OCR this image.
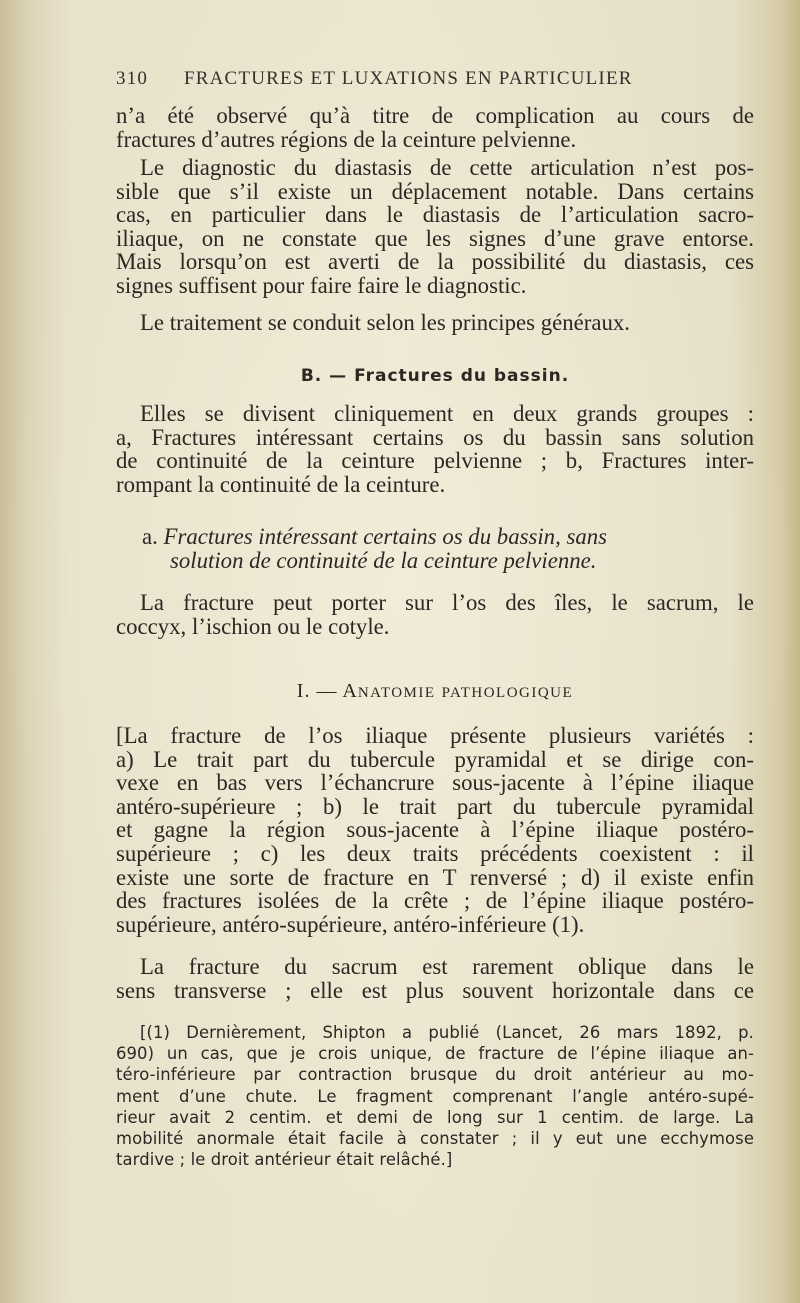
310 FRACTURES ET LUXATIONS EN PARTICULIER
n’a été observé qu’à titre de complication au cours de
fractures d’autres régions de la ceinture pelvienne.
Le diagnostic du diastasis de cette articulation n’est pos-
sible que s’il existe un déplacement notable. Dans certains
cas, en particulier dans le diastasis de l’articulation sacro-
iliaque, on ne constate que les signes d’une grave entorse.
Mais lorsqu’on est averti de la possibilité du diastasis, ces
signes suffisent pour faire faire le diagnostic.
Le traitement se conduit selon les principes généraux.
B. — Fractures du bassin.
Elles se divisent cliniquement en deux grands groupes :
a, Fractures intéressant certains os du bassin sans solution
de continuité de la ceinture pelvienne ; b, Fractures inter-
rompant la continuité de la ceinture.
a. Fractures intéressant certains os du bassin, sans
solution de continuité de la ceinture pelvienne.
La fracture peut porter sur l’os des îles, le sacrum, le
coccyx, l’ischion ou le cotyle.
I. — ANATOMIE PATHOLOGIQUE
[La fracture de l’os iliaque présente plusieurs variétés :
a) Le trait part du tubercule pyramidal et se dirige con-
vexe en bas vers l’échancrure sous-jacente à l’épine iliaque
antéro-supérieure ; b) le trait part du tubercule pyramidal
et gagne la région sous-jacente à l’épine iliaque postéro-
supérieure ; c) les deux traits précédents coexistent : il
existe une sorte de fracture en T renversé ; d) il existe enfin
des fractures isolées de la crête ; de l’épine iliaque postéro-
supérieure, antéro-supérieure, antéro-inférieure (1).
La fracture du sacrum est rarement oblique dans le
sens transverse ; elle est plus souvent horizontale dans ce
[(1) Dernièrement, Shipton a publié (Lancet, 26 mars 1892, p.
690) un cas, que je crois unique, de fracture de l’épine iliaque an-
téro-inférieure par contraction brusque du droit antérieur au mo-
ment d’une chute. Le fragment comprenant l’angle antéro-supé-
rieur avait 2 centim. et demi de long sur 1 centim. de large. La
mobilité anormale était facile à constater ; il y eut une ecchymose
tardive ; le droit antérieur était relâché.]
